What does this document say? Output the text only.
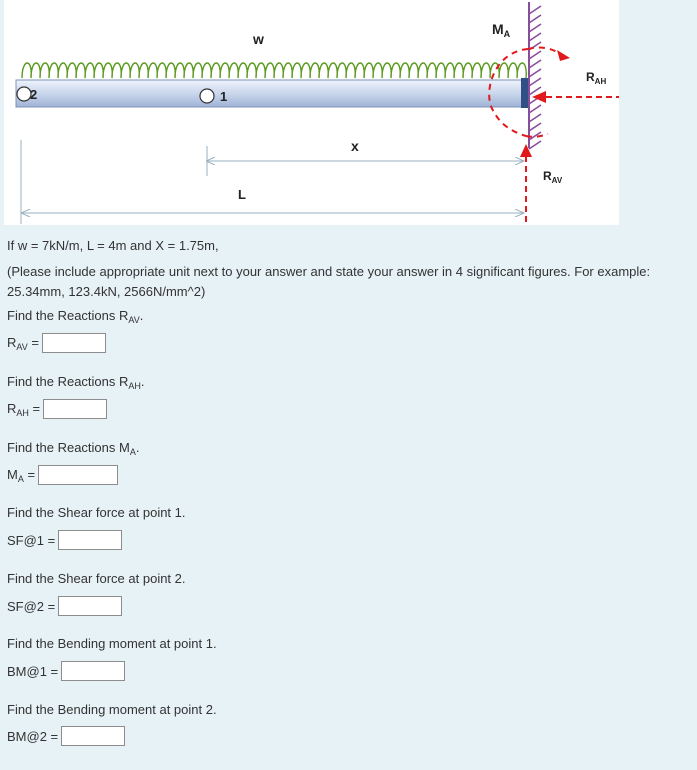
w
1
2
x
L
$M_A$
$R_{AH}$
$R_{AV}$
If w = 7kN/m, L = 4m and X = 1.75m,
(Please include appropriate unit next to your answer and state your answer in 4 significant figures. For example: 25.34mm, 123.4kN, 2566N/mm^2)
Find the Reactions $R_{AV}$.
$R_{AV}$ =
Find the Reactions $R_{AH}$.
$R_{AH}$ =
Find the Reactions $M_A$.
$M_A$ =
Find the Shear force at point 1.
SF@1 =
Find the Shear force at point 2.
SF@2 =
Find the Bending moment at point 1.
BM@1 =
Find the Bending moment at point 2.
BM@2 =
